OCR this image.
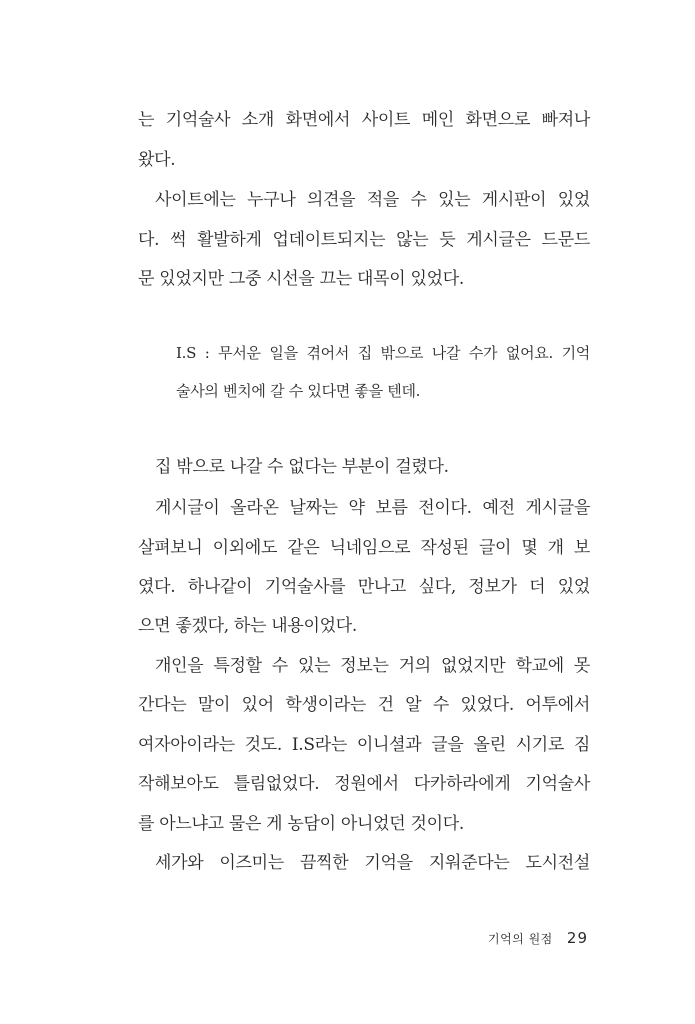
는 기억술사 소개 화면에서 사이트 메인 화면으로 빠져나
왔다.
사이트에는 누구나 의견을 적을 수 있는 게시판이 있었
다. 썩 활발하게 업데이트되지는 않는 듯 게시글은 드문드
문 있었지만 그중 시선을 끄는 대목이 있었다.
I.S : 무서운 일을 겪어서 집 밖으로 나갈 수가 없어요. 기억
술사의 벤치에 갈 수 있다면 좋을 텐데.
집 밖으로 나갈 수 없다는 부분이 걸렸다.
게시글이 올라온 날짜는 약 보름 전이다. 예전 게시글을
살펴보니 이외에도 같은 닉네임으로 작성된 글이 몇 개 보
였다. 하나같이 기억술사를 만나고 싶다, 정보가 더 있었
으면 좋겠다, 하는 내용이었다.
개인을 특정할 수 있는 정보는 거의 없었지만 학교에 못
간다는 말이 있어 학생이라는 건 알 수 있었다. 어투에서
여자아이라는 것도. I.S라는 이니셜과 글을 올린 시기로 짐
작해보아도 틀림없었다. 정원에서 다카하라에게 기억술사
를 아느냐고 물은 게 농담이 아니었던 것이다.
세가와 이즈미는 끔찍한 기억을 지워준다는 도시전설
기억의 원점 29
